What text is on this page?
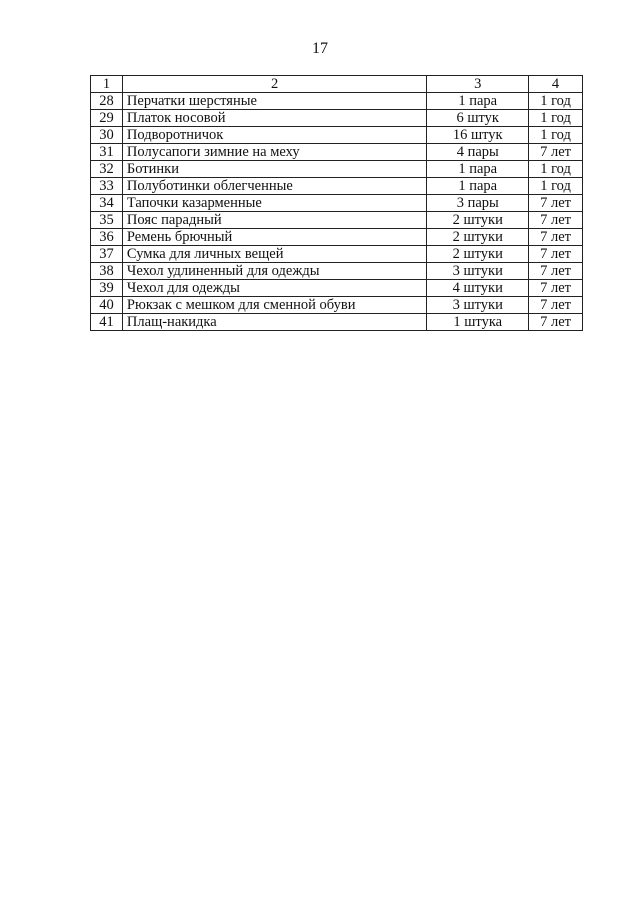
17
1	2	3	4
28	Перчатки шерстяные	1 пара	1 год
29	Платок носовой	6 штук	1 год
30	Подворотничок	16 штук	1 год
31	Полусапоги зимние на меху	4 пары	7 лет
32	Ботинки	1 пара	1 год
33	Полуботинки облегченные	1 пара	1 год
34	Тапочки казарменные	3 пары	7 лет
35	Пояс парадный	2 штуки	7 лет
36	Ремень брючный	2 штуки	7 лет
37	Сумка для личных вещей	2 штуки	7 лет
38	Чехол удлиненный для одежды	3 штуки	7 лет
39	Чехол для одежды	4 штуки	7 лет
40	Рюкзак с мешком для сменной обуви	3 штуки	7 лет
41	Плащ-накидка	1 штука	7 лет
